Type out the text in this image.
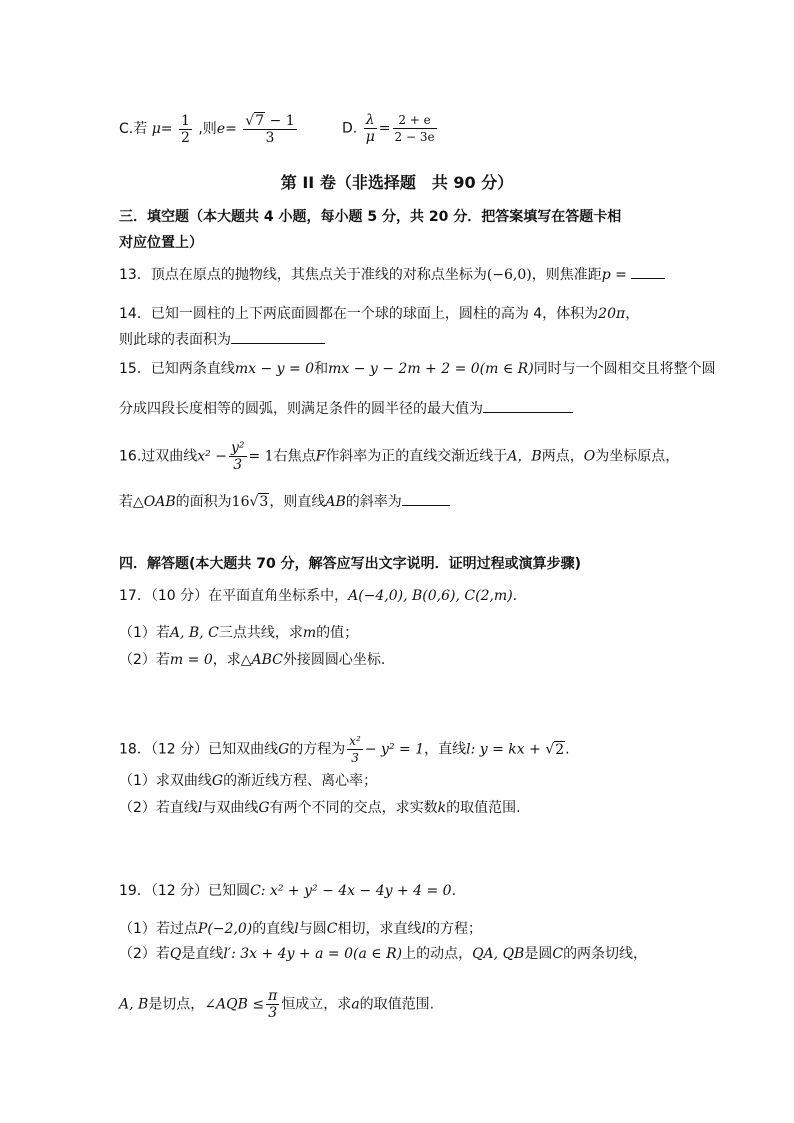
C.若 $\mu= \frac{1}{2}$ ,则$e= \frac{√7 - 1}{3}$	D. $\frac{\lambda}{\mu} = \frac{2 + e}{2 - 3e}$
第 II 卷（非选择题　共 90 分）
三．填空题（本大题共 4 小题，每小题 5 分，共 20 分．把答案填写在答题卡相
对应位置上）
13．顶点在原点的抛物线，其焦点关于准线的对称点坐标为(−6,0)，则焦准距p =
14．已知一圆柱的上下两底面圆都在一个球的球面上，圆柱的高为 4，体积为20π，
则此球的表面积为
15．已知两条直线mx − y = 0和mx − y − 2m + 2 = 0(m ∈ R)同时与一个圆相交且将整个圆
分成四段长度相等的圆弧，则满足条件的圆半径的最大值为
16.过双曲线$x^2 - \frac{\text{y²}}{3} = 1$右焦点F作斜率为正的直线交渐近线于A，B两点，O为坐标原点，
若△OAB的面积为16√3，则直线AB的斜率为
四．解答题(本大题共 70 分，解答应写出文字说明．证明过程或演算步骤)
17．（10 分）在平面直角坐标系中，A(−4,0), B(0,6), C(2,m).
（1）若A, B, C三点共线，求m的值；
（2）若m = 0，求△ABC外接圆圆心坐标.
18．（12 分）已知双曲线G的方程为 $\frac{\text{x²}}{3} - y^2 = 1$，直线l: y = kx + √2.
（1）求双曲线G的渐近线方程、离心率；
（2）若直线l与双曲线G有两个不同的交点，求实数k的取值范围.
19．（12 分）已知圆C: x² + y² − 4x − 4y + 4 = 0.
（1）若过点P(−2,0)的直线l与圆C相切，求直线l的方程；
（2）若Q是直线l′: 3x + 4y + a = 0(a ∈ R)上的动点，QA, QB是圆C的两条切线，
A, B是切点，∠AQB ≤ $\frac{\pi}{3}$ 恒成立，求a的取值范围.
